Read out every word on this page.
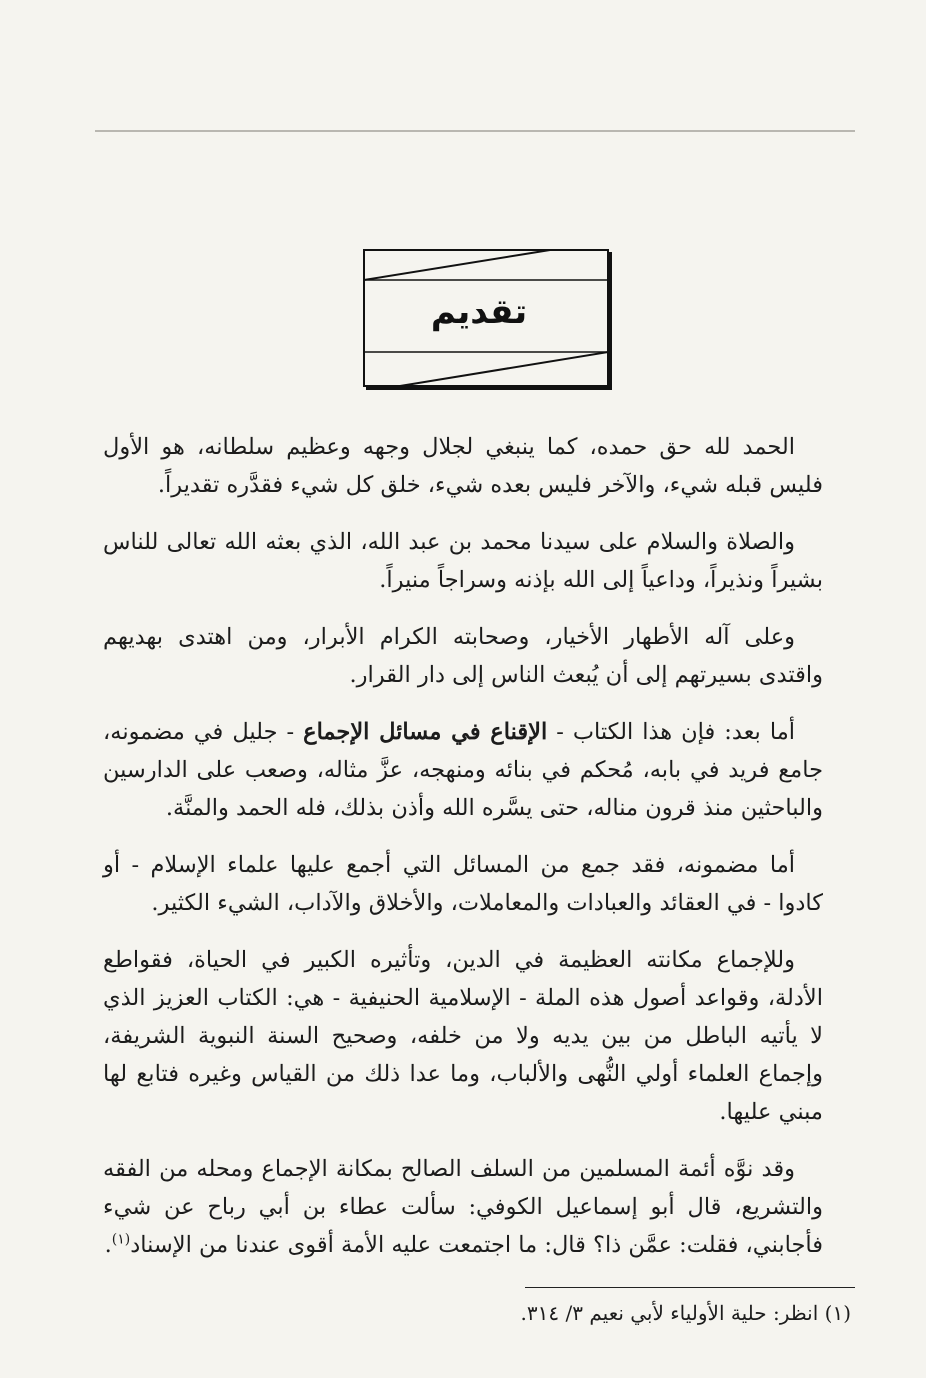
تقديم

الحمد لله حق حمده، كما ينبغي لجلال وجهه وعظيم سلطانه، هو الأول فليس قبله شيء، والآخر فليس بعده شيء، خلق كل شيء فقدَّره تقديراً.

والصلاة والسلام على سيدنا محمد بن عبد الله، الذي بعثه الله تعالى للناس بشيراً ونذيراً، وداعياً إلى الله بإذنه وسراجاً منيراً.

وعلى آله الأطهار الأخيار، وصحابته الكرام الأبرار، ومن اهتدى بهديهم واقتدى بسيرتهم إلى أن يُبعث الناس إلى دار القرار.

أما بعد: فإن هذا الكتاب - الإقناع في مسائل الإجماع - جليل في مضمونه، جامع فريد في بابه، مُحكم في بنائه ومنهجه، عزَّ مثاله، وصعب على الدارسين والباحثين منذ قرون مناله، حتى يسَّره الله وأذن بذلك، فله الحمد والمنَّة.

أما مضمونه، فقد جمع من المسائل التي أجمع عليها علماء الإسلام - أو كادوا - في العقائد والعبادات والمعاملات، والأخلاق والآداب، الشيء الكثير.

وللإجماع مكانته العظيمة في الدين، وتأثيره الكبير في الحياة، فقواطع الأدلة، وقواعد أصول هذه الملة - الإسلامية الحنيفية - هي: الكتاب العزيز الذي لا يأتيه الباطل من بين يديه ولا من خلفه، وصحيح السنة النبوية الشريفة، وإجماع العلماء أولي النُّهى والألباب، وما عدا ذلك من القياس وغيره فتابع لها مبني عليها.

وقد نوَّه أئمة المسلمين من السلف الصالح بمكانة الإجماع ومحله من الفقه والتشريع، قال أبو إسماعيل الكوفي: سألت عطاء بن أبي رباح عن شيء فأجابني، فقلت: عمَّن ذا؟ قال: ما اجتمعت عليه الأمة أقوى عندنا من الإسناد$^{(١)}$.

(١) انظر: حلية الأولياء لأبي نعيم ٣/ ٣١٤.
